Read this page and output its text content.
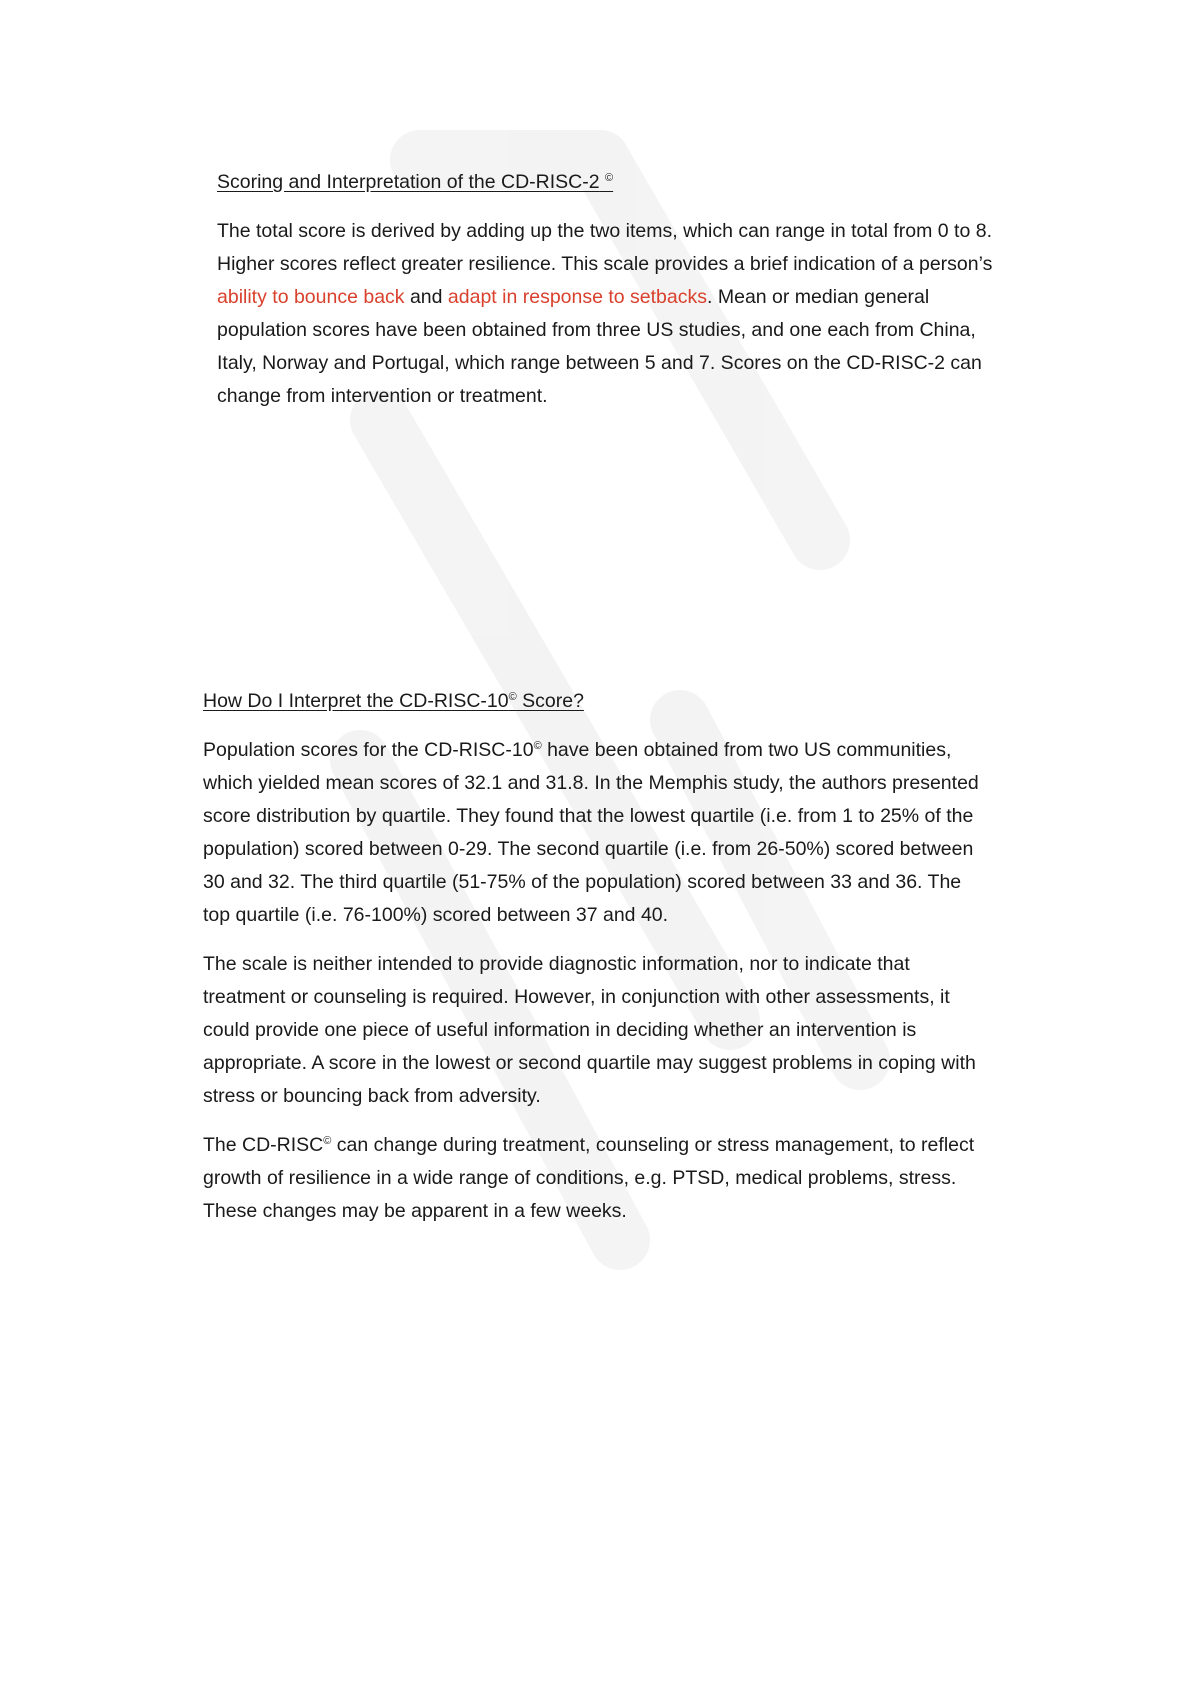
Scoring and Interpretation of the CD-RISC-2 ©

The total score is derived by adding up the two items, which can range in total from 0 to 8. Higher scores reflect greater resilience. This scale provides a brief indication of a person’s ability to bounce back and adapt in response to setbacks. Mean or median general population scores have been obtained from three US studies, and one each from China, Italy, Norway and Portugal, which range between 5 and 7. Scores on the CD-RISC-2 can change from intervention or treatment.

How Do I Interpret the CD-RISC-10© Score?

Population scores for the CD-RISC-10© have been obtained from two US communities, which yielded mean scores of 32.1 and 31.8. In the Memphis study, the authors presented score distribution by quartile. They found that the lowest quartile (i.e. from 1 to 25% of the population) scored between 0-29. The second quartile (i.e. from 26-50%) scored between 30 and 32. The third quartile (51-75% of the population) scored between 33 and 36. The top quartile (i.e. 76-100%) scored between 37 and 40.

The scale is neither intended to provide diagnostic information, nor to indicate that treatment or counseling is required. However, in conjunction with other assessments, it could provide one piece of useful information in deciding whether an intervention is appropriate. A score in the lowest or second quartile may suggest problems in coping with stress or bouncing back from adversity.

The CD-RISC© can change during treatment, counseling or stress management, to reflect growth of resilience in a wide range of conditions, e.g. PTSD, medical problems, stress. These changes may be apparent in a few weeks.
